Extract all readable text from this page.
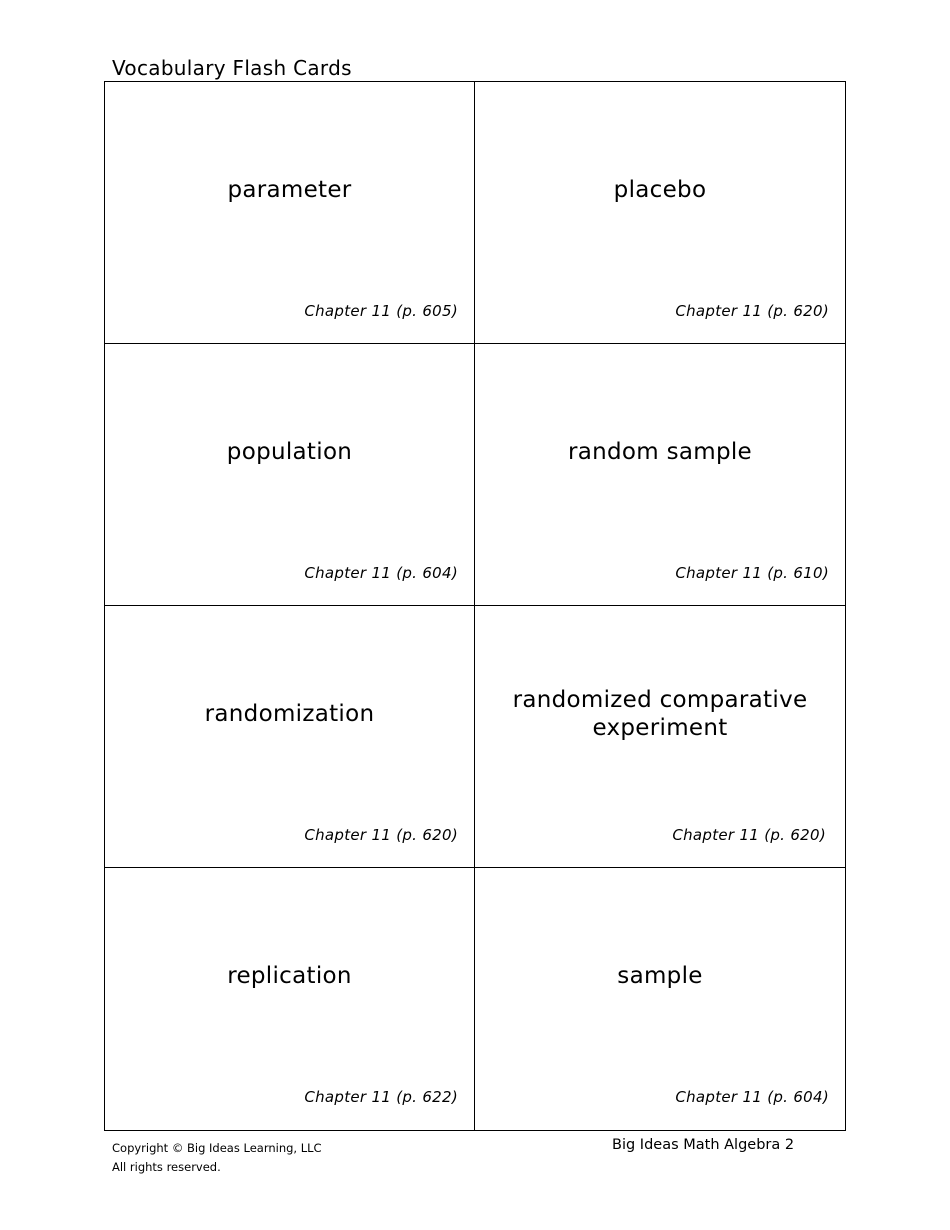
Vocabulary Flash Cards
parameter
Chapter 11 (p. 605)
placebo
Chapter 11 (p. 620)
population
Chapter 11 (p. 604)
random sample
Chapter 11 (p. 610)
randomization
Chapter 11 (p. 620)
randomized comparative experiment
Chapter 11 (p. 620)
replication
Chapter 11 (p. 622)
sample
Chapter 11 (p. 604)
Copyright © Big Ideas Learning, LLC
All rights reserved.
Big Ideas Math Algebra 2
